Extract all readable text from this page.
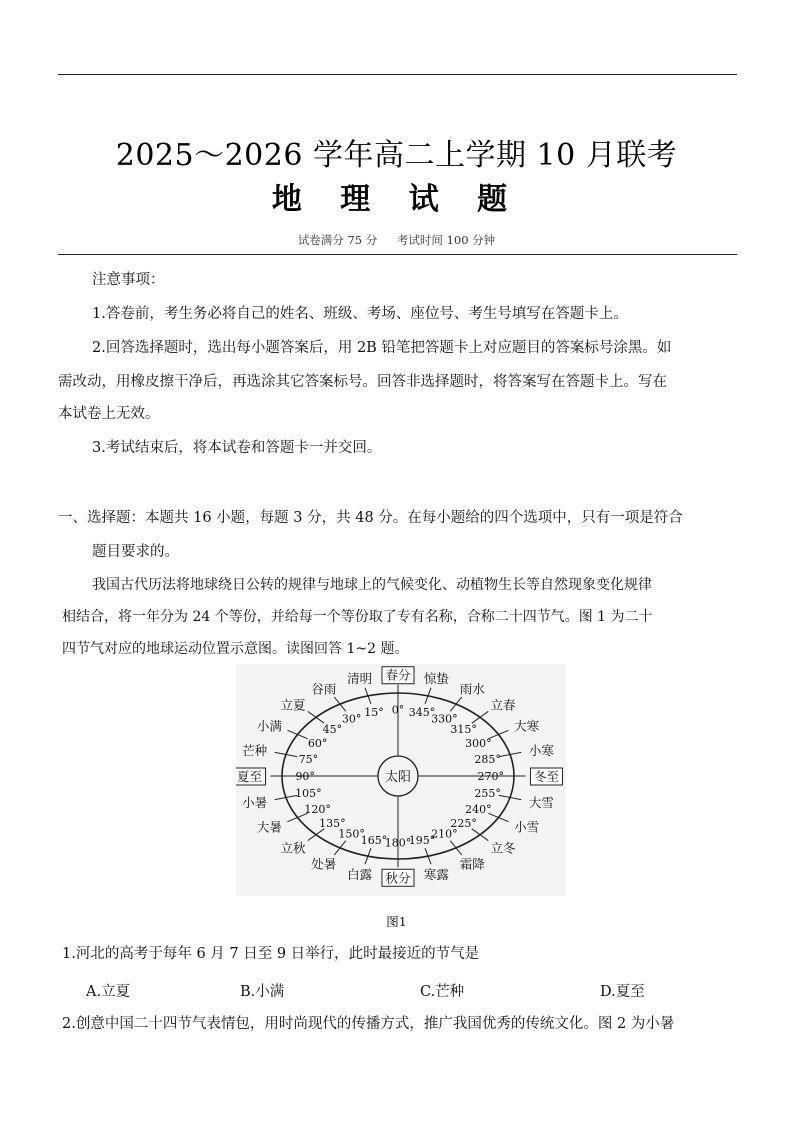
2025～2026 学年高二上学期 10 月联考
地 理 试 题
试卷满分 75 分 考试时间 100 分钟
注意事项：
1.答卷前，考生务必将自己的姓名、班级、考场、座位号、考生号填写在答题卡上。
2.回答选择题时，选出每小题答案后，用 2B 铅笔把答题卡上对应题目的答案标号涂黑。如
需改动，用橡皮擦干净后，再选涂其它答案标号。回答非选择题时，将答案写在答题卡上。写在
本试卷上无效。
3.考试结束后，将本试卷和答题卡一并交回。
一、选择题：本题共 16 小题，每题 3 分，共 48 分。在每小题给的四个选项中，只有一项是符合
题目要求的。
我国古代历法将地球绕日公转的规律与地球上的气候变化、动植物生长等自然现象变化规律
相结合，将一年分为 24 个等份，并给每一个等份取了专有名称，合称二十四节气。图 1 为二十
四节气对应的地球运动位置示意图。读图回答 1~2 题。
太阳
0°
春分
15°
清明
30°
谷雨
45°
立夏
60°
小满
75°
芒种
90°
夏至
105°
小暑	120°
大暑	135°
立秋
150°
处暑
165°
白露
180°
秋分
195°
寒露
210°
霜降
225°
立冬
240°
小雪
255°
大雪
270° 冬至
285°
小寒
300°
大寒
315°
立春
330°
雨水
345°
惊蛰
图1
1.河北的高考于每年 6 月 7 日至 9 日举行，此时最接近的节气是
A.立夏	B.小满	C.芒种	D.夏至
2.创意中国二十四节气表情包，用时尚现代的传播方式，推广我国优秀的传统文化。图 2 为小暑
